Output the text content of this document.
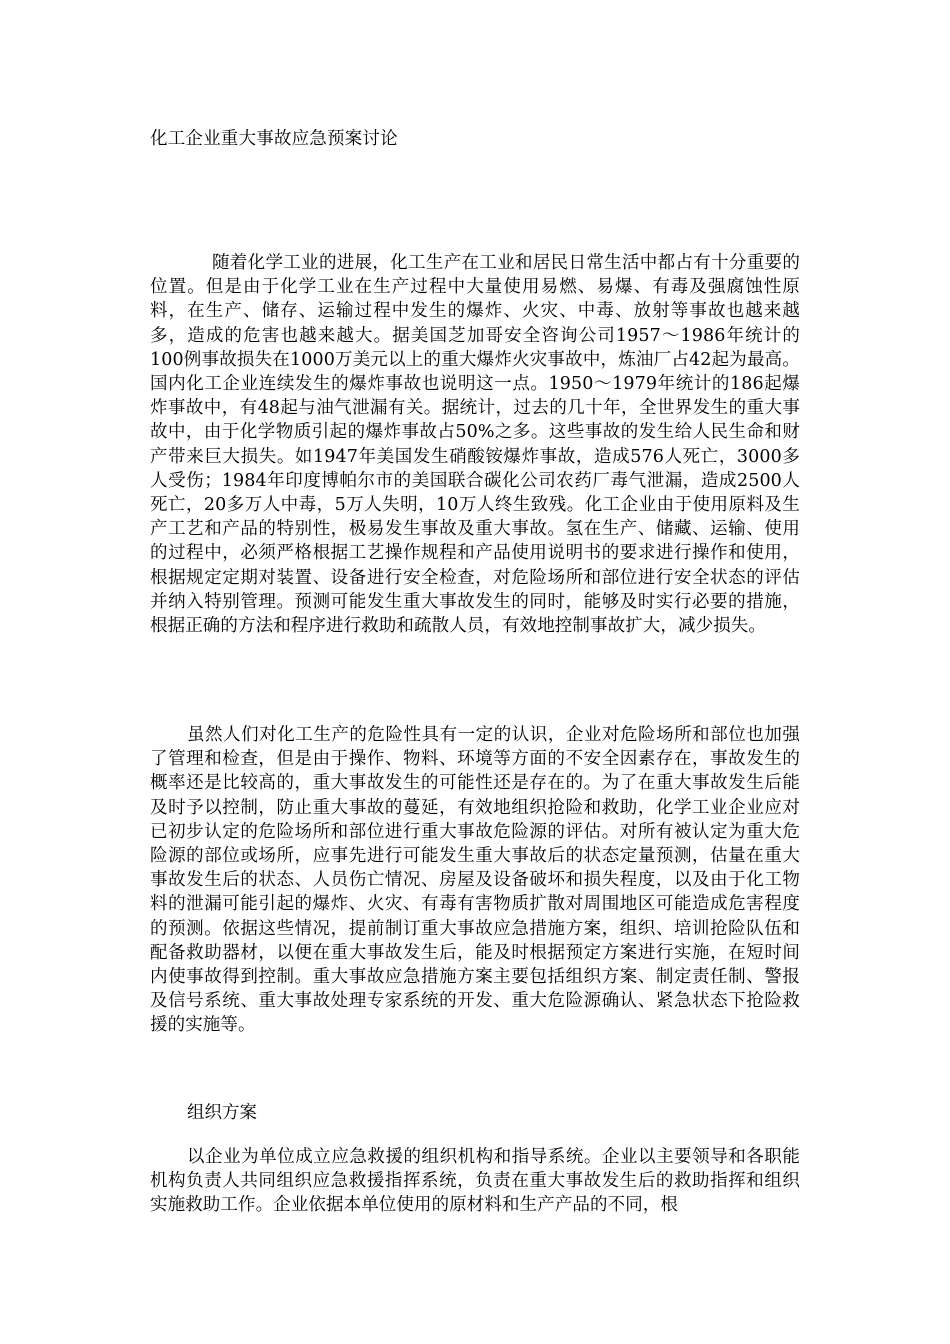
化工企业重大事故应急预案讨论

随着化学工业的进展，化工生产在工业和居民日常生活中都占有十分重要的位置。但是由于化学工业在生产过程中大量使用易燃、易爆、有毒及强腐蚀性原料，在生产、储存、运输过程中发生的爆炸、火灾、中毒、放射等事故也越来越多，造成的危害也越来越大。据美国芝加哥安全咨询公司1957～1986年统计的100例事故损失在1000万美元以上的重大爆炸火灾事故中，炼油厂占42起为最高。国内化工企业连续发生的爆炸事故也说明这一点。1950～1979年统计的186起爆炸事故中，有48起与油气泄漏有关。据统计，过去的几十年，全世界发生的重大事故中，由于化学物质引起的爆炸事故占50%之多。这些事故的发生给人民生命和财产带来巨大损失。如1947年美国发生硝酸铵爆炸事故，造成576人死亡，3000多人受伤；1984年印度博帕尔市的美国联合碳化公司农药厂毒气泄漏，造成2500人死亡，20多万人中毒，5万人失明，10万人终生致残。化工企业由于使用原料及生产工艺和产品的特别性，极易发生事故及重大事故。氢在生产、储藏、运输、使用的过程中，必须严格根据工艺操作规程和产品使用说明书的要求进行操作和使用，根据规定定期对装置、设备进行安全检查，对危险场所和部位进行安全状态的评估并纳入特别管理。预测可能发生重大事故发生的同时，能够及时实行必要的措施，根据正确的方法和程序进行救助和疏散人员，有效地控制事故扩大，减少损失。

虽然人们对化工生产的危险性具有一定的认识，企业对危险场所和部位也加强了管理和检查，但是由于操作、物料、环境等方面的不安全因素存在，事故发生的概率还是比较高的，重大事故发生的可能性还是存在的。为了在重大事故发生后能及时予以控制，防止重大事故的蔓延，有效地组织抢险和救助，化学工业企业应对已初步认定的危险场所和部位进行重大事故危险源的评估。对所有被认定为重大危险源的部位或场所，应事先进行可能发生重大事故后的状态定量预测，估量在重大事故发生后的状态、人员伤亡情况、房屋及设备破坏和损失程度，以及由于化工物料的泄漏可能引起的爆炸、火灾、有毒有害物质扩散对周围地区可能造成危害程度的预测。依据这些情况，提前制订重大事故应急措施方案，组织、培训抢险队伍和配备救助器材，以便在重大事故发生后，能及时根据预定方案进行实施，在短时间内使事故得到控制。重大事故应急措施方案主要包括组织方案、制定责任制、警报及信号系统、重大事故处理专家系统的开发、重大危险源确认、紧急状态下抢险救援的实施等。

组织方案

以企业为单位成立应急救援的组织机构和指导系统。企业以主要领导和各职能机构负责人共同组织应急救援指挥系统，负责在重大事故发生后的救助指挥和组织实施救助工作。企业依据本单位使用的原材料和生产产品的不同，根
